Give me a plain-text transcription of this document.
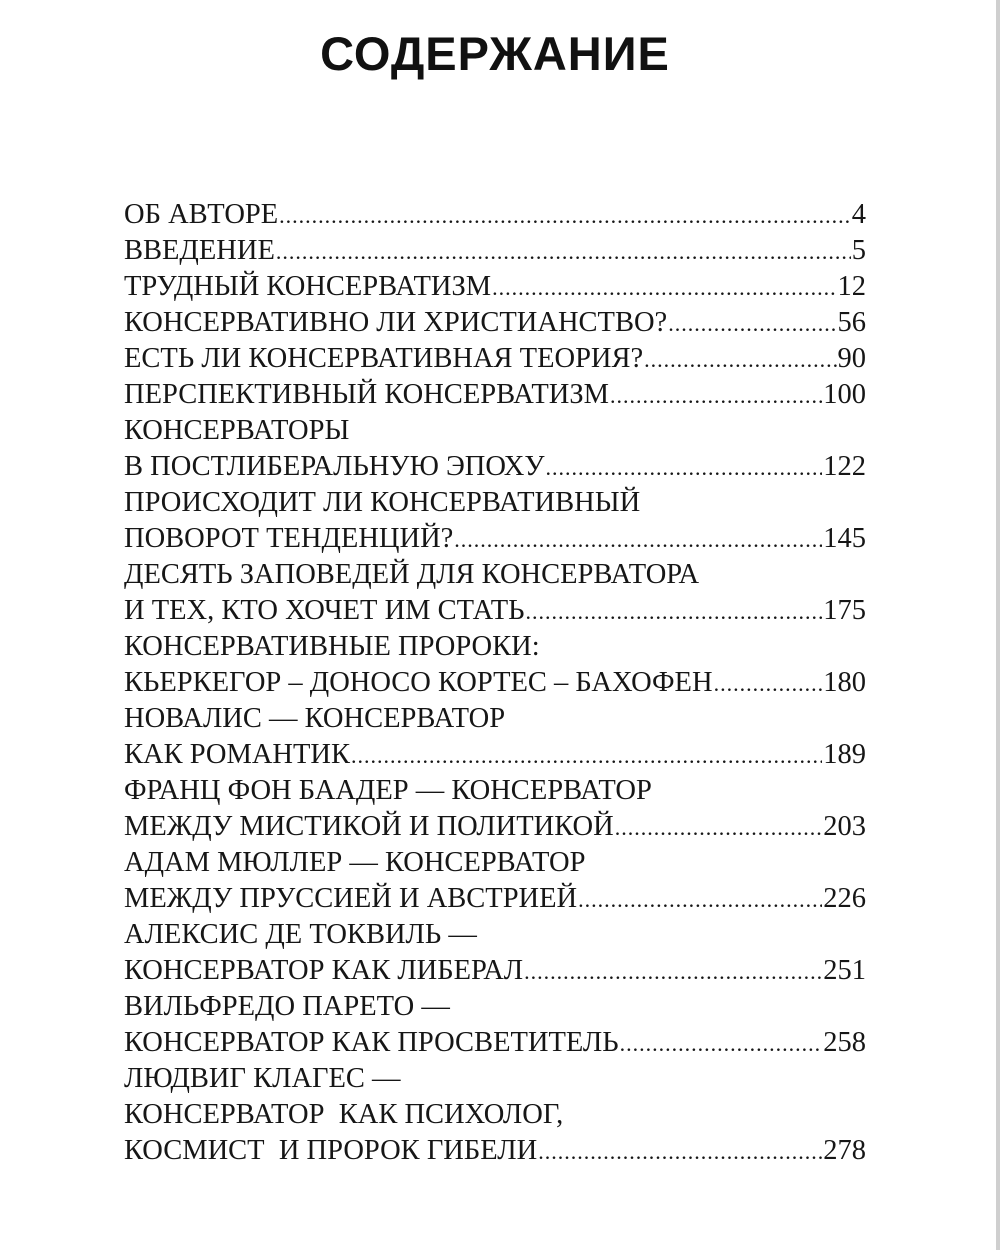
СОДЕРЖАНИЕ
ОБ АВТОРЕ .....	4
ВВЕДЕНИЕ .....	5
ТРУДНЫЙ КОНСЕРВАТИЗМ .....	12
КОНСЕРВАТИВНО ЛИ ХРИСТИАНСТВО? .....	56
ЕСТЬ ЛИ КОНСЕРВАТИВНАЯ ТЕОРИЯ? .....	90
ПЕРСПЕКТИВНЫЙ КОНСЕРВАТИЗМ .....	100
КОНСЕРВАТОРЫ
В ПОСТЛИБЕРАЛЬНУЮ ЭПОХУ .....	122
ПРОИСХОДИТ ЛИ КОНСЕРВАТИВНЫЙ
ПОВОРОТ ТЕНДЕНЦИЙ? .....	145
ДЕСЯТЬ ЗАПОВЕДЕЙ ДЛЯ КОНСЕРВАТОРА
И ТЕХ, КТО ХОЧЕТ ИМ СТАТЬ .....	175
КОНСЕРВАТИВНЫЕ ПРОРОКИ:
КЬЕРКЕГОР – ДОНОСО КОРТЕС – БАХОФЕН .....	180
НОВАЛИС — КОНСЕРВАТОР
КАК РОМАНТИК .....	189
ФРАНЦ ФОН БААДЕР — КОНСЕРВАТОР
МЕЖДУ МИСТИКОЙ И ПОЛИТИКОЙ .....	203
АДАМ МЮЛЛЕР — КОНСЕРВАТОР
МЕЖДУ ПРУССИЕЙ И АВСТРИЕЙ .....	226
АЛЕКСИС ДЕ ТОКВИЛЬ —
КОНСЕРВАТОР КАК ЛИБЕРАЛ .....	251
ВИЛЬФРЕДО ПАРЕТО —
КОНСЕРВАТОР КАК ПРОСВЕТИТЕЛЬ .....	258
ЛЮДВИГ КЛАГЕС —
КОНСЕРВАТОР  КАК ПСИХОЛОГ,
КОСМИСТ  И ПРОРОК ГИБЕЛИ .....	278
